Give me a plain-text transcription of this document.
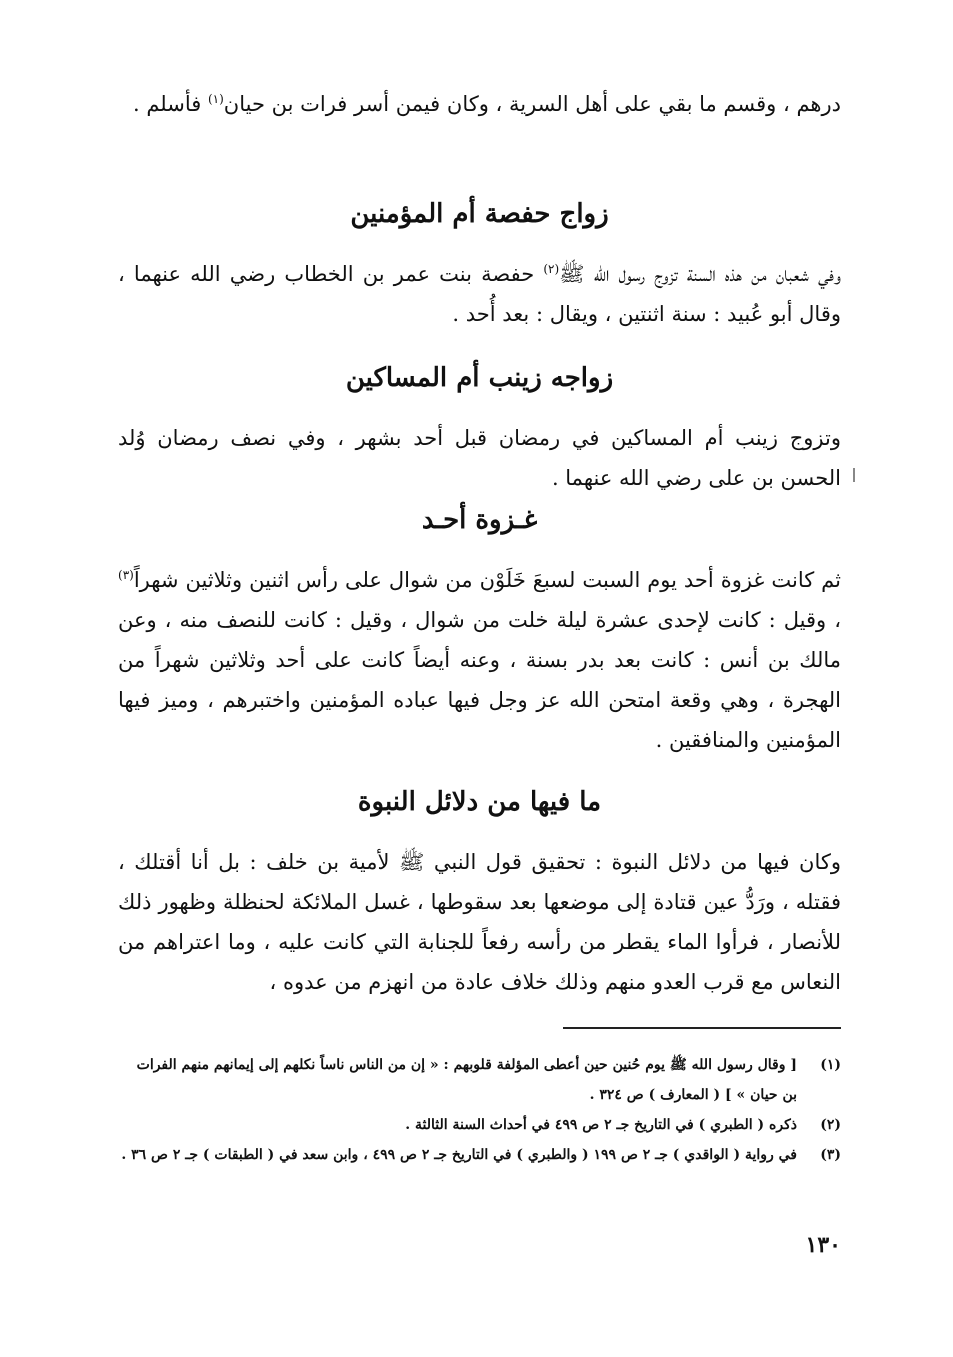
درهم ، وقسم ما بقي على أهل السرية ، وكان فيمن أسر فرات بن حيان$^{(١)}$ فأسلم .

زواج حفصة أم المؤمنين

وفي شعبان من هذه السنة تزوج رسول الله ﷺ$^{(٢)}$ حفصة بنت عمر بن الخطاب رضي الله عنهما ، وقال أبو عُبيد : سنة اثنتين ، ويقال : بعد أُحد .

زواجه زينب أم المساكين

وتزوج زينب أم المساكين في رمضان قبل أحد بشهر ، وفي نصف رمضان وُلد الحسن بن على رضي الله عنهما .

غـزوة أحـد

ثم كانت غزوة أحد يوم السبت لسبعَ خَلَوْن من شوال على رأس اثنين وثلاثين شهراً$^{(٣)}$ ، وقيل : كانت لإحدى عشرة ليلة خلت من شوال ، وقيل : كانت للنصف منه ، وعن مالك بن أنس : كانت بعد بدر بسنة ، وعنه أيضاً كانت على أحد وثلاثين شهراً من الهجرة ، وهي وقعة امتحن الله عز وجل فيها عباده المؤمنين واختبرهم ، وميز فيها المؤمنين والمنافقين .

ما فيها من دلائل النبوة

وكان فيها من دلائل النبوة : تحقيق قول النبي ﷺ لأمية بن خلف : بل أنا أقتلك ، فقتله ، ورَدُّ عين قتادة إلى موضعها بعد سقوطها ، غسل الملائكة لحنظلة وظهور ذلك للأنصار ، فرأوا الماء يقطر من رأسه رفعاً للجنابة التي كانت عليه ، وما اعتراهم من النعاس مع قرب العدو منهم وذلك خلاف عادة من انهزم من عدوه ،

(١)
[ وقال رسول الله ﷺ يوم حُنين حين أعطى المؤلفة قلوبهم : « إن من الناس ناساً نكلهم إلى إيمانهم منهم الفرات بن حيان » ] ( المعارف ) ص ٣٢٤ .

(٢)
ذكره ( الطبري ) في التاريخ جـ ٢ ص ٤٩٩ في أحداث السنة الثالثة .

(٣)
في رواية ( الواقدي ) جـ ٢ ص ١٩٩ ( والطبري ) في التاريخ جـ ٢ ص ٤٩٩ ، وابن سعد في ( الطبقات ) جـ ٢ ص ٣٦ .

١٣٠
